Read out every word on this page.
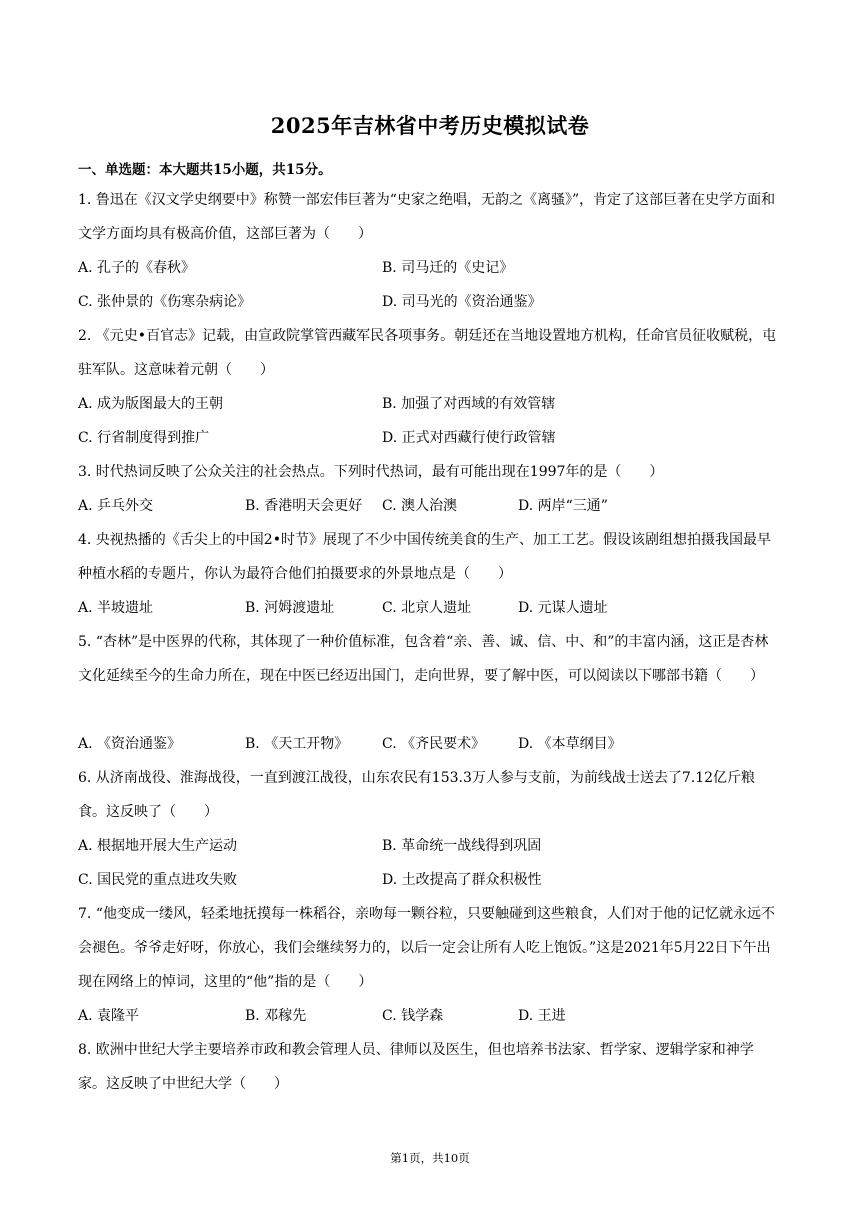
2025年吉林省中考历史模拟试卷
一、单选题：本大题共15小题，共15分。
1. 鲁迅在《汉文学史纲要中》称赞一部宏伟巨著为“史家之绝唱，无韵之《离骚》”，肯定了这部巨著在史学方面和文学方面均具有极高价值，这部巨著为（　　）
A. 孔子的《春秋》	B. 司马迁的《史记》
C. 张仲景的《伤寒杂病论》	D. 司马光的《资治通鉴》
2. 《元史•百官志》记载，由宣政院掌管西藏军民各项事务。朝廷还在当地设置地方机构，任命官员征收赋税，屯驻军队。这意味着元朝（　　）
A. 成为版图最大的王朝	B. 加强了对西域的有效管辖
C. 行省制度得到推广	D. 正式对西藏行使行政管辖
3. 时代热词反映了公众关注的社会热点。下列时代热词，最有可能出现在1997年的是（　　）
A. 乒乓外交	B. 香港明天会更好 C. 澳人治澳	D. 两岸“三通”
4. 央视热播的《舌尖上的中国2•时节》展现了不少中国传统美食的生产、加工工艺。假设该剧组想拍摄我国最早种植水稻的专题片，你认为最符合他们拍摄要求的外景地点是（　　）
A. 半坡遗址	B. 河姆渡遗址	C. 北京人遗址	D. 元谋人遗址
5. “杏林”是中医界的代称，其体现了一种价值标准，包含着“亲、善、诚、信、中、和”的丰富内涵，这正是杏林文化延续至今的生命力所在，现在中医已经迈出国门，走向世界，要了解中医，可以阅读以下哪部书籍（　　）
A. 《资治通鉴》	B. 《天工开物》 C. 《齐民要术》 D. 《本草纲目》
6. 从济南战役、淮海战役，一直到渡江战役，山东农民有153.3万人参与支前，为前线战士送去了7.12亿斤粮食。这反映了（　　）
A. 根据地开展大生产运动	B. 革命统一战线得到巩固
C. 国民党的重点进攻失败	D. 土改提高了群众积极性
7. “他变成一缕风，轻柔地抚摸每一株稻谷，亲吻每一颗谷粒，只要触碰到这些粮食，人们对于他的记忆就永远不会褪色。爷爷走好呀，你放心，我们会继续努力的，以后一定会让所有人吃上饱饭。”这是2021年5月22日下午出现在网络上的悼词，这里的“他”指的是（　　）
A. 袁隆平	B. 邓稼先	C. 钱学森	D. 王进
8. 欧洲中世纪大学主要培养市政和教会管理人员、律师以及医生，但也培养书法家、哲学家、逻辑学家和神学家。这反映了中世纪大学（　　）
第1页，共10页
